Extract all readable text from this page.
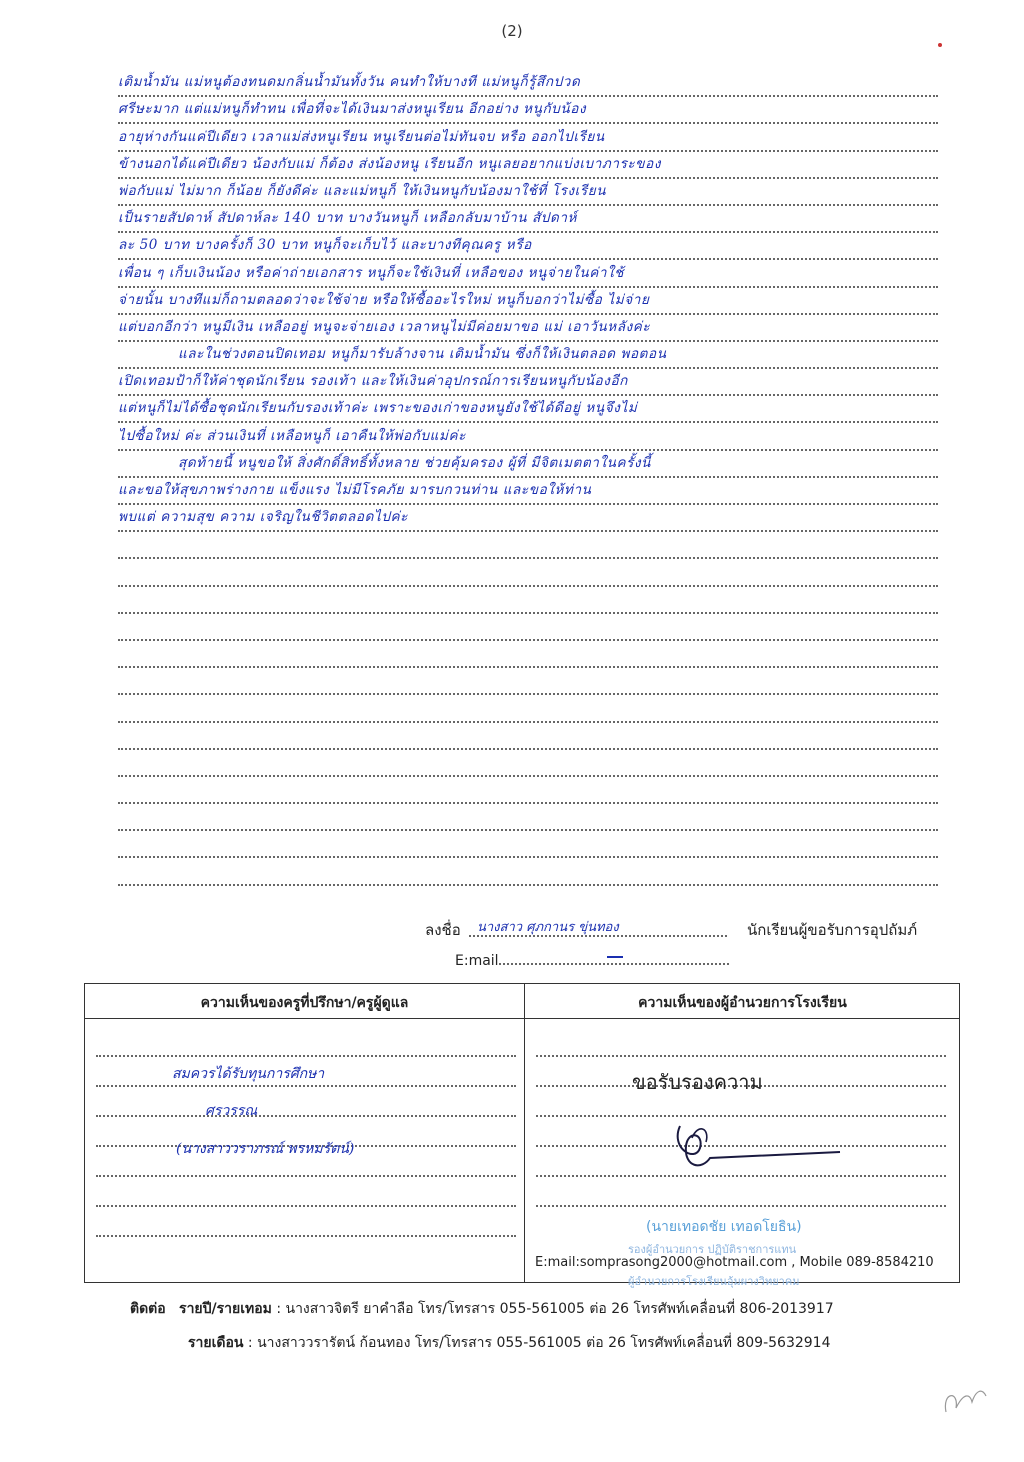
(2)
เติมน้ำมัน แม่หนูต้องทนดมกลิ่นน้ำมันทั้งวัน คนทำให้บางที แม่หนูก็รู้สึกปวด
ศรีษะมาก แต่แม่หนูก็ทำทน เพื่อที่จะได้เงินมาส่งหนูเรียน อีกอย่าง หนูกับน้อง
อายุห่างกันแค่ปีเดียว เวลาแม่ส่งหนูเรียน หนูเรียนต่อไม่ทันจบ หรือ ออกไปเรียน
ข้างนอกได้แค่ปีเดียว น้องกับแม่ ก็ต้อง ส่งน้องหนู เรียนอีก หนูเลยอยากแบ่งเบาภาระของ
พ่อกับแม่ ไม่มาก ก็น้อย ก็ยังดีค่ะ และแม่หนูก็ ให้เงินหนูกับน้องมาใช้ที่ โรงเรียน
เป็นรายสัปดาห์ สัปดาห์ละ 140 บาท บางวันหนูก็ เหลือกลับมาบ้าน สัปดาห์
ละ 50 บาท บางครั้งก็ 30 บาท หนูก็จะเก็บไว้ และบางทีคุณครู หรือ
เพื่อน ๆ เก็บเงินน้อง หรือค่าถ่ายเอกสาร หนูก็จะใช้เงินที่ เหลือของ หนูจ่ายในค่าใช้
จ่ายนั้น บางทีแม่ก็ถามตลอดว่าจะใช้จ่าย หรือให้ซื้ออะไรใหม่ หนูก็บอกว่าไม่ซื้อ ไม่จ่าย
แต่บอกอีกว่า หนูมีเงิน เหลืออยู่ หนูจะจ่ายเอง เวลาหนูไม่มีค่อยมาขอ แม่ เอาวันหลังค่ะ
และในช่วงตอนปิดเทอม หนูก็มารับล้างจาน เติมน้ำมัน ซึ่งก็ให้เงินตลอด พอตอน
เปิดเทอมป้าก็ให้ค่าชุดนักเรียน รองเท้า และให้เงินค่าอุปกรณ์การเรียนหนูกับน้องอีก
แต่หนูก็ไม่ได้ซื้อชุดนักเรียนกับรองเท้าค่ะ เพราะของเก่าของหนูยังใช้ได้ดีอยู่ หนูจึงไม่
ไปซื้อใหม่ ค่ะ ส่วนเงินที่ เหลือหนูก็ เอาคืนให้พ่อกับแม่ค่ะ
สุดท้ายนี้ หนูขอให้ สิ่งศักดิ์สิทธิ์ทั้งหลาย ช่วยคุ้มครอง ผู้ที่ มีจิตเมตตาในครั้งนี้
และขอให้สุขภาพร่างกาย แข็งแรง ไม่มีโรคภัย มารบกวนท่าน และขอให้ท่าน
พบแต่ ความสุข ความ เจริญในชีวิตตลอดไปค่ะ
ลงชื่อ นางสาว ศุภกานร ขุ่นทอง	นักเรียนผู้ขอรับการอุปถัมภ์
E:mail
ความเห็นของครูที่ปรึกษา/ครูผู้ดูแล	ความเห็นของผู้อำนวยการโรงเรียน
สมควรได้รับทุนการศึกษา
ศรวรรณ
(นางสาววราภรณ์ พรหมรัตน์)
ขอรับรองความ
(นายเทอดชัย เทอดโยธิน)
รองผู้อำนวยการ ปฏิบัติราชการแทน
E:mail:somprasong2000@hotmail.com , Mobile 089-8584210
ผู้อำนวยการโรงเรียนอุ้มผางวิทยาคม
ติดต่อ รายปี/รายเทอม : นางสาวจิตรี ยาคำลือ โทร/โทรสาร 055-561005 ต่อ 26 โทรศัพท์เคลื่อนที่ 806-2013917
รายเดือน : นางสาววรารัตน์ ก้อนทอง โทร/โทรสาร 055-561005 ต่อ 26 โทรศัพท์เคลื่อนที่ 809-5632914
